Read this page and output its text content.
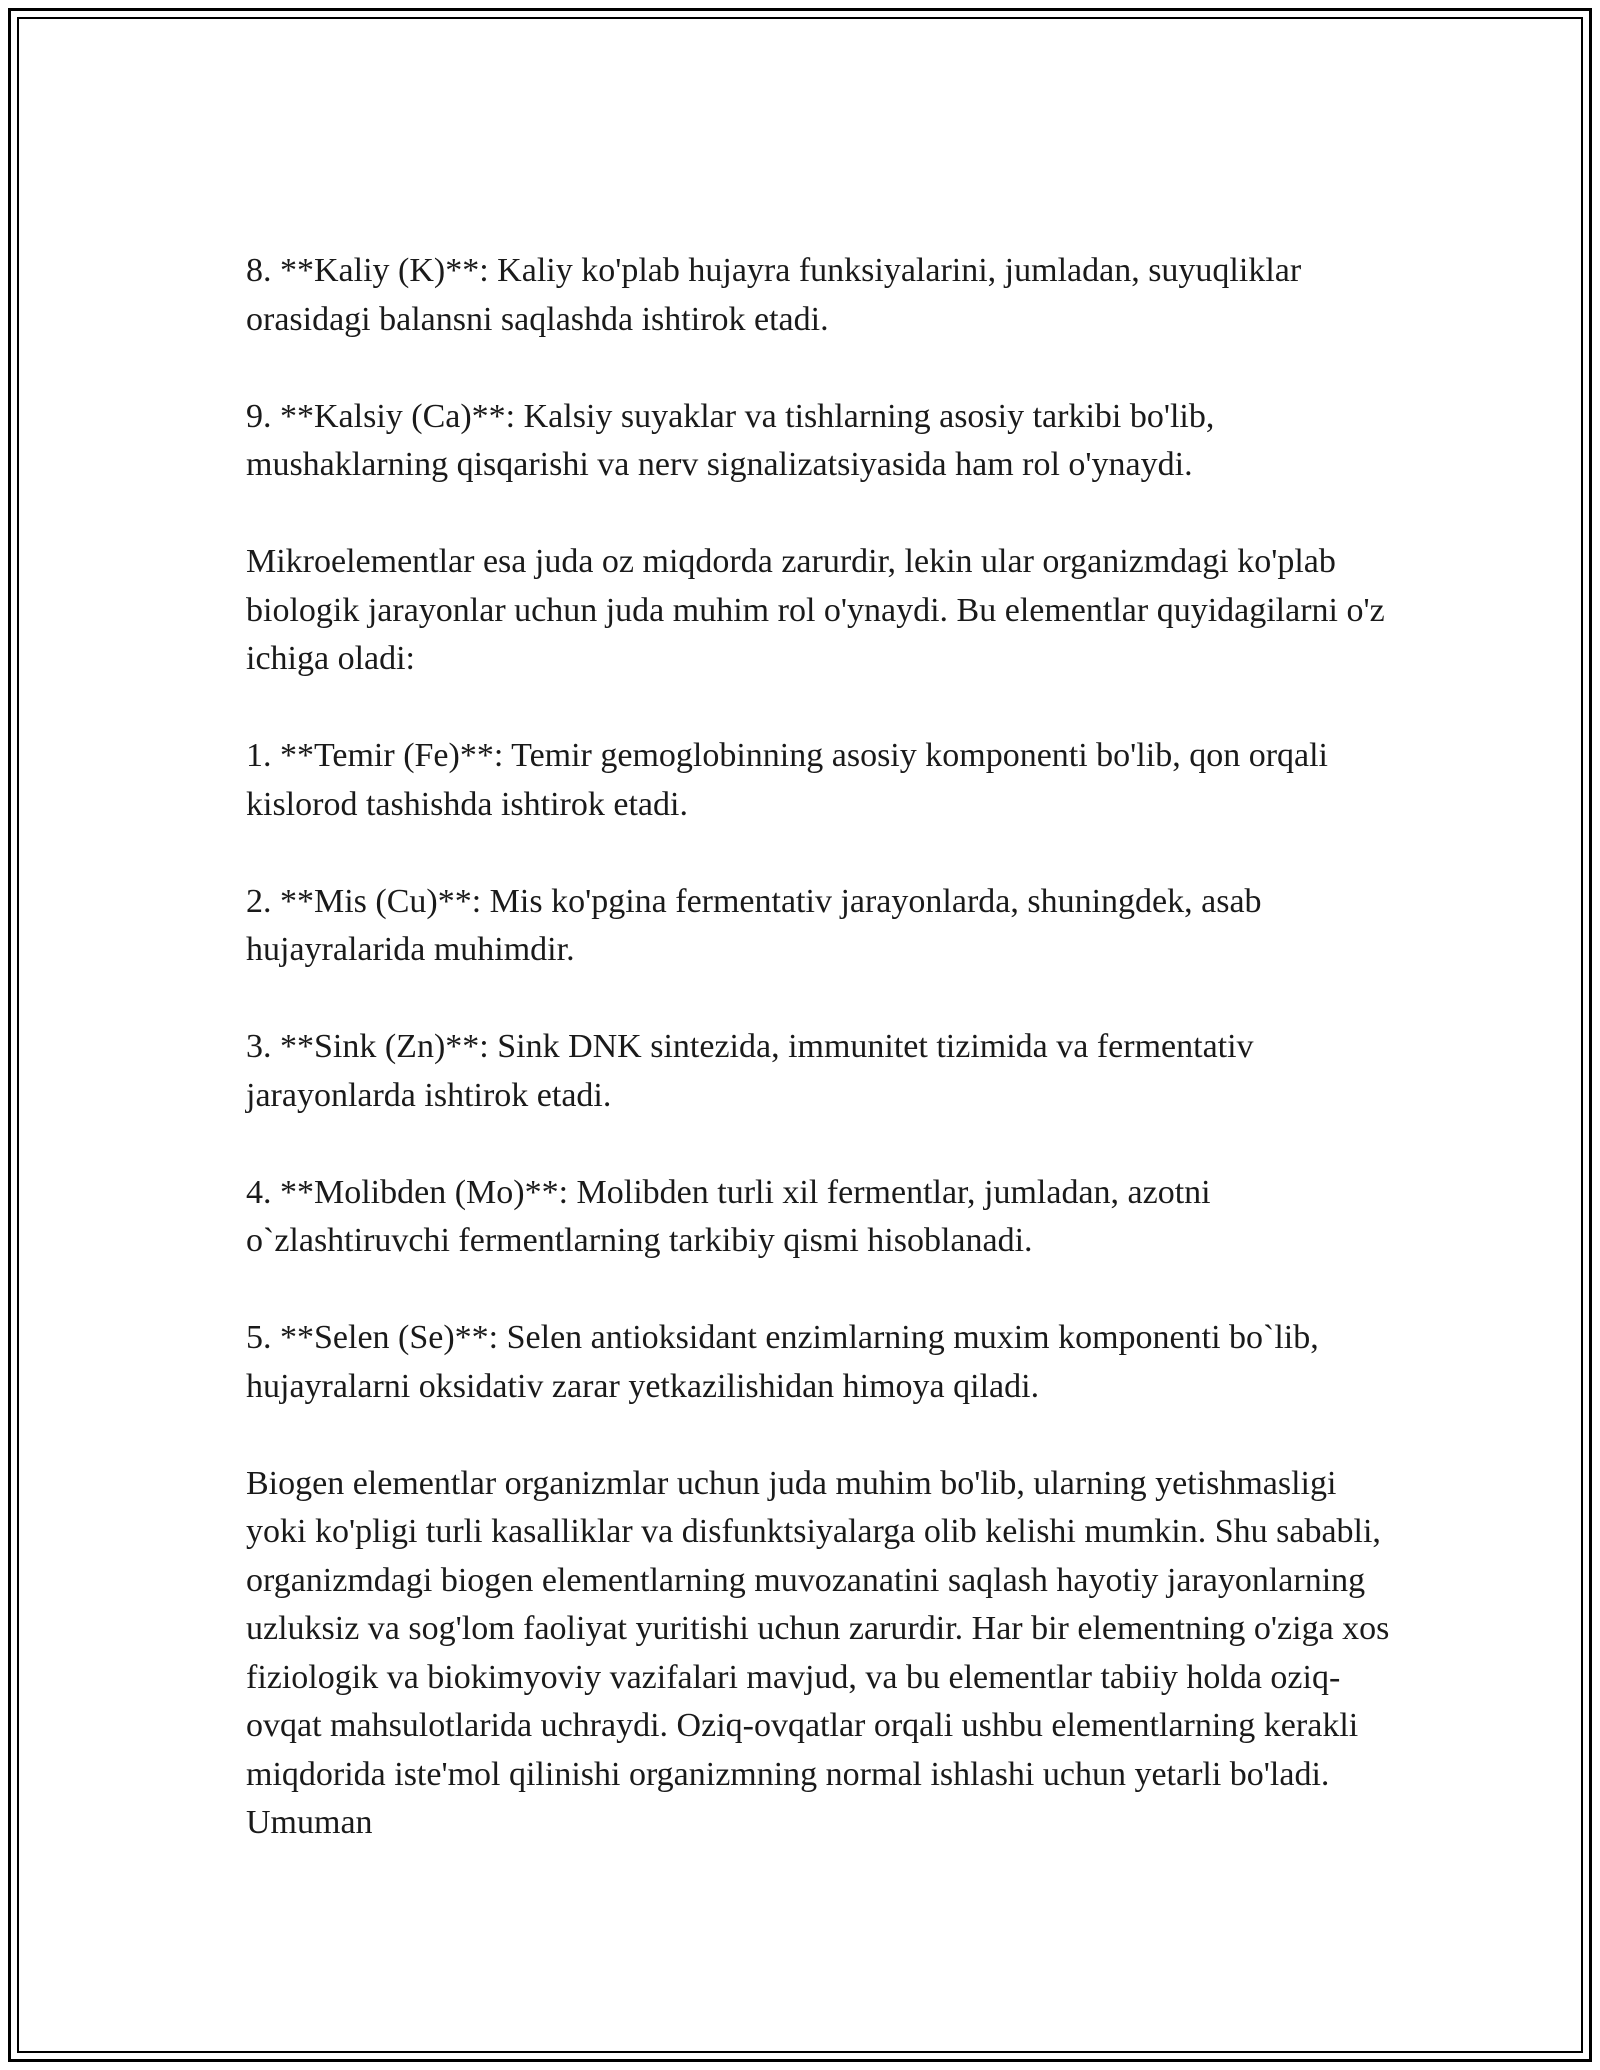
8. **Kaliy (K)**: Kaliy ko'plab hujayra funksiyalarini, jumladan, suyuqliklar orasidagi balansni saqlashda ishtirok etadi.

9. **Kalsiy (Ca)**: Kalsiy suyaklar va tishlarning asosiy tarkibi bo'lib, mushaklarning qisqarishi va nerv signalizatsiyasida ham rol o'ynaydi.

Mikroelementlar esa juda oz miqdorda zarurdir, lekin ular organizmdagi ko'plab biologik jarayonlar uchun juda muhim rol o'ynaydi. Bu elementlar quyidagilarni o'z ichiga oladi:

1. **Temir (Fe)**: Temir gemoglobinning asosiy komponenti bo'lib, qon orqali kislorod tashishda ishtirok etadi.

2. **Mis (Cu)**: Mis ko'pgina fermentativ jarayonlarda, shuningdek, asab hujayralarida muhimdir.

3. **Sink (Zn)**: Sink DNK sintezida, immunitet tizimida va fermentativ jarayonlarda ishtirok etadi.

4. **Molibden (Mo)**: Molibden turli xil fermentlar, jumladan, azotni o`zlashtiruvchi fermentlarning tarkibiy qismi hisoblanadi.

5. **Selen (Se)**: Selen antioksidant enzimlarning muxim komponenti bo`lib, hujayralarni oksidativ zarar yetkazilishidan himoya qiladi.

Biogen elementlar organizmlar uchun juda muhim bo'lib, ularning yetishmasligi yoki ko'pligi turli kasalliklar va disfunktsiyalarga olib kelishi mumkin. Shu sababli, organizmdagi biogen elementlarning muvozanatini saqlash hayotiy jarayonlarning uzluksiz va sog'lom faoliyat yuritishi uchun zarurdir. Har bir elementning o'ziga xos fiziologik va biokimyoviy vazifalari mavjud, va bu elementlar tabiiy holda oziq-ovqat mahsulotlarida uchraydi. Oziq-ovqatlar orqali ushbu elementlarning kerakli miqdorida iste'mol qilinishi organizmning normal ishlashi uchun yetarli bo'ladi. Umuman
